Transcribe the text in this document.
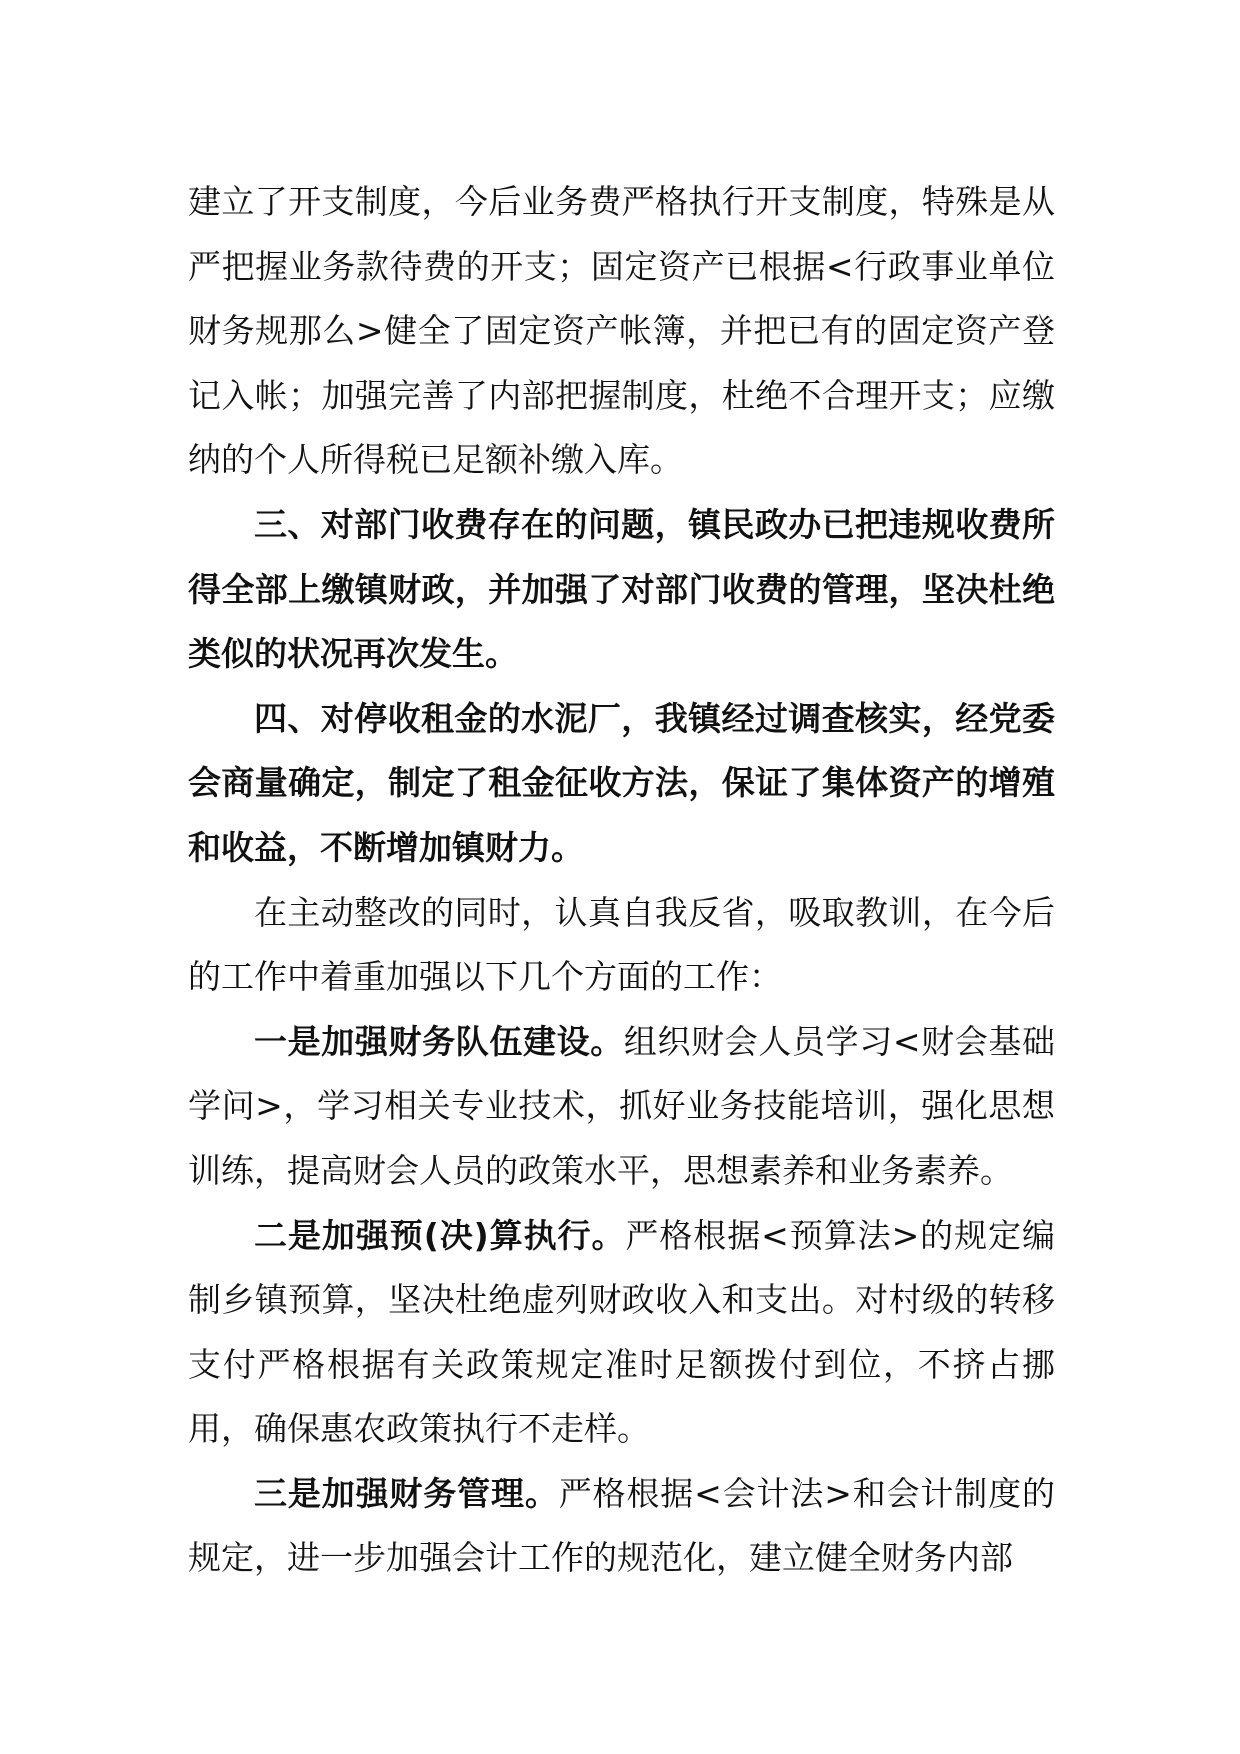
建立了开支制度，今后业务费严格执行开支制度，特殊是从严把握业务款待费的开支；固定资产已根据<行政事业单位财务规那么>健全了固定资产帐簿，并把已有的固定资产登记入帐；加强完善了内部把握制度，杜绝不合理开支；应缴纳的个人所得税已足额补缴入库。

三、对部门收费存在的问题，镇民政办已把违规收费所得全部上缴镇财政，并加强了对部门收费的管理，坚决杜绝类似的状况再次发生。

四、对停收租金的水泥厂，我镇经过调查核实，经党委会商量确定，制定了租金征收方法，保证了集体资产的增殖和收益，不断增加镇财力。

在主动整改的同时，认真自我反省，吸取教训，在今后的工作中着重加强以下几个方面的工作：

一是加强财务队伍建设。组织财会人员学习<财会基础学问>，学习相关专业技术，抓好业务技能培训，强化思想训练，提高财会人员的政策水平，思想素养和业务素养。

二是加强预(决)算执行。严格根据<预算法>的规定编制乡镇预算，坚决杜绝虚列财政收入和支出。对村级的转移支付严格根据有关政策规定准时足额拨付到位，不挤占挪用，确保惠农政策执行不走样。

三是加强财务管理。严格根据<会计法>和会计制度的规定，进一步加强会计工作的规范化，建立健全财务内部
